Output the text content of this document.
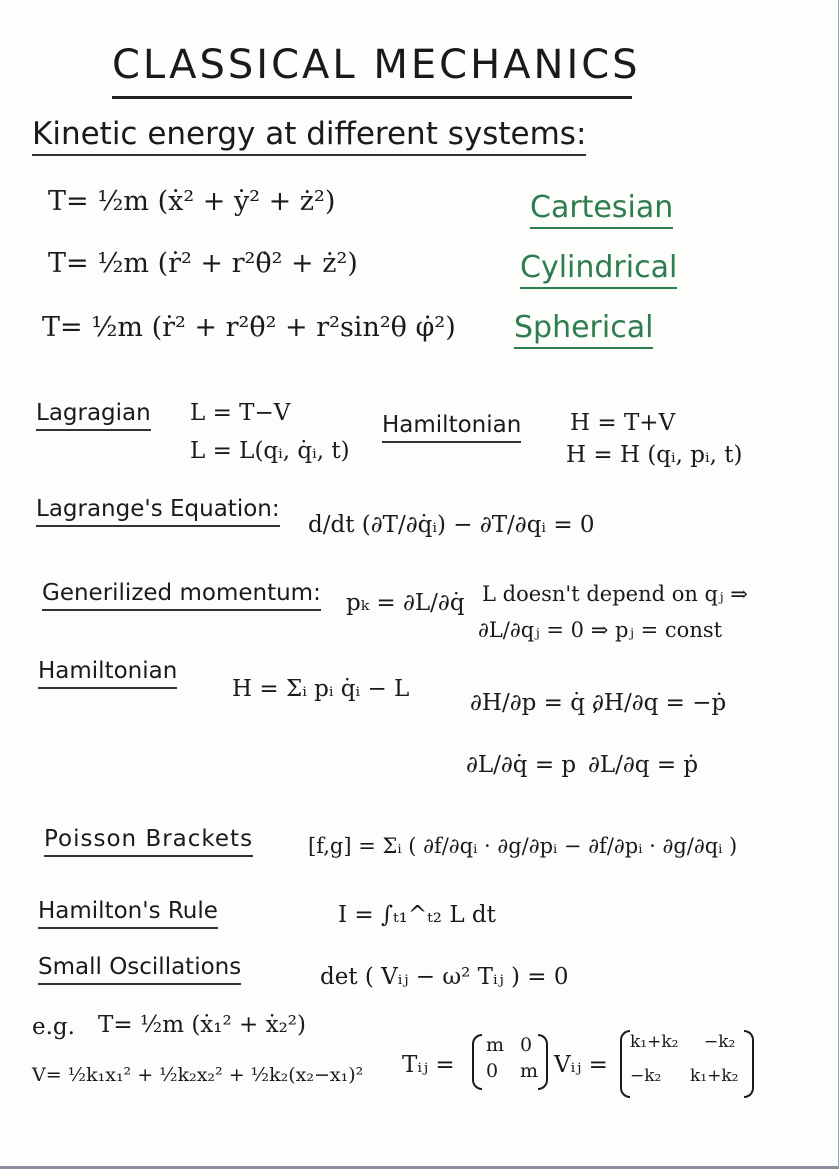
CLASSICAL MECHANICS
Kinetic energy at different systems:
T= ½m (ẋ² + ẏ² + ż²)	Cartesian
T= ½m (ṙ² + r²θ̇² + ż²)	Cylindrical
T= ½m (ṙ² + r²θ̇² + r²sin²θ φ̇²) Spherical
Lagragian L = T−V
L = L(qᵢ, q̇ᵢ, t)
Hamiltonian H = T+V
H = H (qᵢ, pᵢ, t)
Lagrange's Equation:
d/dt (∂T/∂q̇ᵢ) − ∂T/∂qᵢ = 0
Generilized momentum: pₖ = ∂L/∂q̇ L doesn't depend on qⱼ ⇒
∂L/∂qⱼ = 0 ⇒ pⱼ = const
Hamiltonian
H = Σᵢ pᵢ q̇ᵢ − L
∂H/∂p = q̇ ,
∂H/∂q = −ṗ
∂L/∂q̇ = p ∂L/∂q = ṗ
Poisson Brackets	[f,g] = Σᵢ ( ∂f/∂qᵢ · ∂g/∂pᵢ − ∂f/∂pᵢ · ∂g/∂qᵢ )
Hamilton's Rule	I = ∫ₜ₁^ₜ₂ L dt
Small Oscillations	det ( Vᵢⱼ − ω² Tᵢⱼ ) = 0
e.g. T= ½m (ẋ₁² + ẋ₂²)
V= ½k₁x₁² + ½k₂x₂² + ½k₂(x₂−x₁)² Tᵢⱼ =
m 0
0 m Vᵢⱼ =
k₁+k₂ −k₂
−k₂ k₁+k₂
